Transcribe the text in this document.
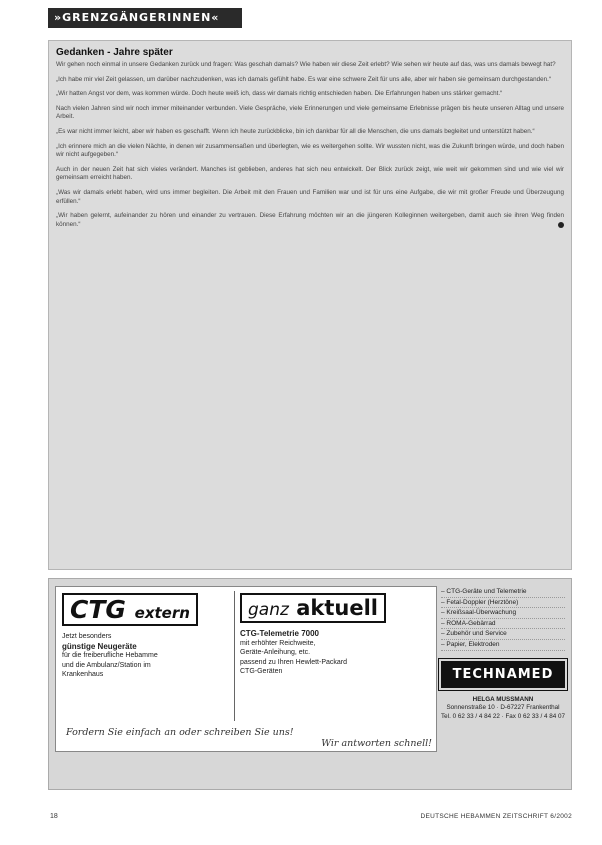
»GRENZGÄNGERINNEN«
Gedanken - Jahre später

Wir gehen noch einmal in unsere Gedanken zurück und fragen: Was geschah damals? Wie haben wir diese Zeit erlebt? Wie sehen wir heute auf das, was uns damals bewegt hat?

„Ich habe mir viel Zeit gelassen, um darüber nachzudenken, was ich damals gefühlt habe. Es war eine schwere Zeit für uns alle, aber wir haben sie gemeinsam durchgestanden.“

„Wir hatten Angst vor dem, was kommen würde. Doch heute weiß ich, dass wir damals richtig entschieden haben. Die Erfahrungen haben uns stärker gemacht.“

Nach vielen Jahren sind wir noch immer miteinander verbunden. Viele Gespräche, viele Erinnerungen und viele gemeinsame Erlebnisse prägen bis heute unseren Alltag und unsere Arbeit.

„Es war nicht immer leicht, aber wir haben es geschafft. Wenn ich heute zurückblicke, bin ich dankbar für all die Menschen, die uns damals begleitet und unterstützt haben.“

„Ich erinnere mich an die vielen Nächte, in denen wir zusammensaßen und überlegten, wie es weitergehen sollte. Wir wussten nicht, was die Zukunft bringen würde, und doch haben wir nicht aufgegeben.“

Auch in der neuen Zeit hat sich vieles verändert. Manches ist geblieben, anderes hat sich neu entwickelt. Der Blick zurück zeigt, wie weit wir gekommen sind und wie viel wir gemeinsam erreicht haben.

„Was wir damals erlebt haben, wird uns immer begleiten. Die Arbeit mit den Frauen und Familien war und ist für uns eine Aufgabe, die wir mit großer Freude und Überzeugung erfüllen.“

„Wir haben gelernt, aufeinander zu hören und einander zu vertrauen. Diese Erfahrung möchten wir an die jüngeren Kolleginnen weitergeben, damit auch sie ihren Weg finden können.“

CTG extern
Jetzt besonders
günstige Neugeräte
für die freiberufliche Hebamme
und die Ambulanz/Station im
Krankenhaus
ganz aktuell
CTG-Telemetrie 7000
mit erhöhter Reichweite,
Geräte-Anleihung, etc.
passend zu Ihren Hewlett-Packard
CTG-Geräten
Fordern Sie einfach an oder schreiben Sie uns!
Wir antworten schnell!
– CTG-Geräte und Telemetrie
– Fetal-Doppler (Herztöne)
– Kreißsaal-Überwachung
– ROMA-Gebärrad
– Zubehör und Service
– Papier, Elektroden
TECHNAMED
HELGA MUSSMANN
Sonnenstraße 10 · D-67227 Frankenthal
Tel. 0 62 33 / 4 84 22 · Fax 0 62 33 / 4 84 07
18	DEUTSCHE HEBAMMEN ZEITSCHRIFT 6/2002
